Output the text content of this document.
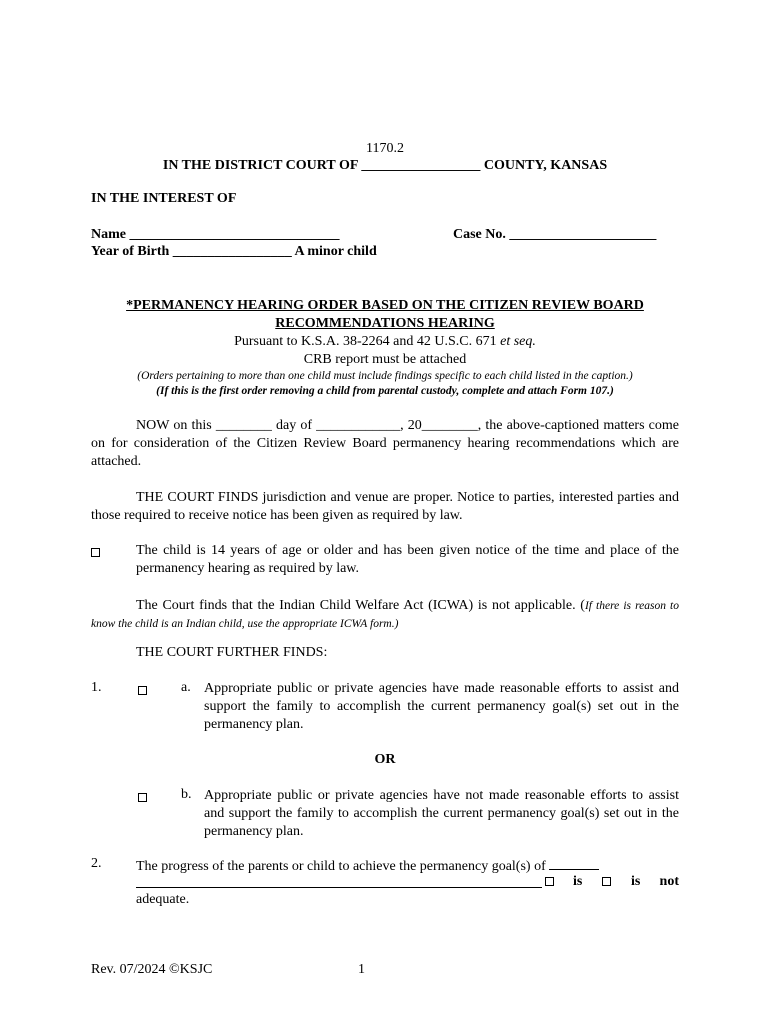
1170.2
IN THE DISTRICT COURT OF _________________ COUNTY, KANSAS
IN THE INTEREST OF
Name ______________________________	Case No. _____________________
Year of Birth _________________ A minor child
*PERMANENCY HEARING ORDER BASED ON THE CITIZEN REVIEW BOARD
RECOMMENDATIONS HEARING
Pursuant to K.S.A. 38-2264 and 42 U.S.C. 671 et seq.
CRB report must be attached
(Orders pertaining to more than one child must include findings specific to each child listed in the caption.)
(If this is the first order removing a child from parental custody, complete and attach Form 107.)
NOW on this ________ day of ____________, 20________, the above-captioned matters come on for consideration of the Citizen Review Board permanency hearing recommendations which are attached.
THE COURT FINDS jurisdiction and venue are proper. Notice to parties, interested parties and those required to receive notice has been given as required by law.
The child is 14 years of age or older and has been given notice of the time and place of the permanency hearing as required by law.
The Court finds that the Indian Child Welfare Act (ICWA) is not applicable. (If there is reason to know the child is an Indian child, use the appropriate ICWA form.)
THE COURT FURTHER FINDS:
1.	a. Appropriate public or private agencies have made reasonable efforts to assist and support the family to accomplish the current permanency goal(s) set out in the permanency plan.
OR
b. Appropriate public or private agencies have not made reasonable efforts to assist and support the family to accomplish the current permanency goal(s) set out in the permanency plan.
2. The progress of the parents or child to achieve the permanency goal(s) of
is	is not
adequate.
Rev. 07/2024 ©KSJC	1
